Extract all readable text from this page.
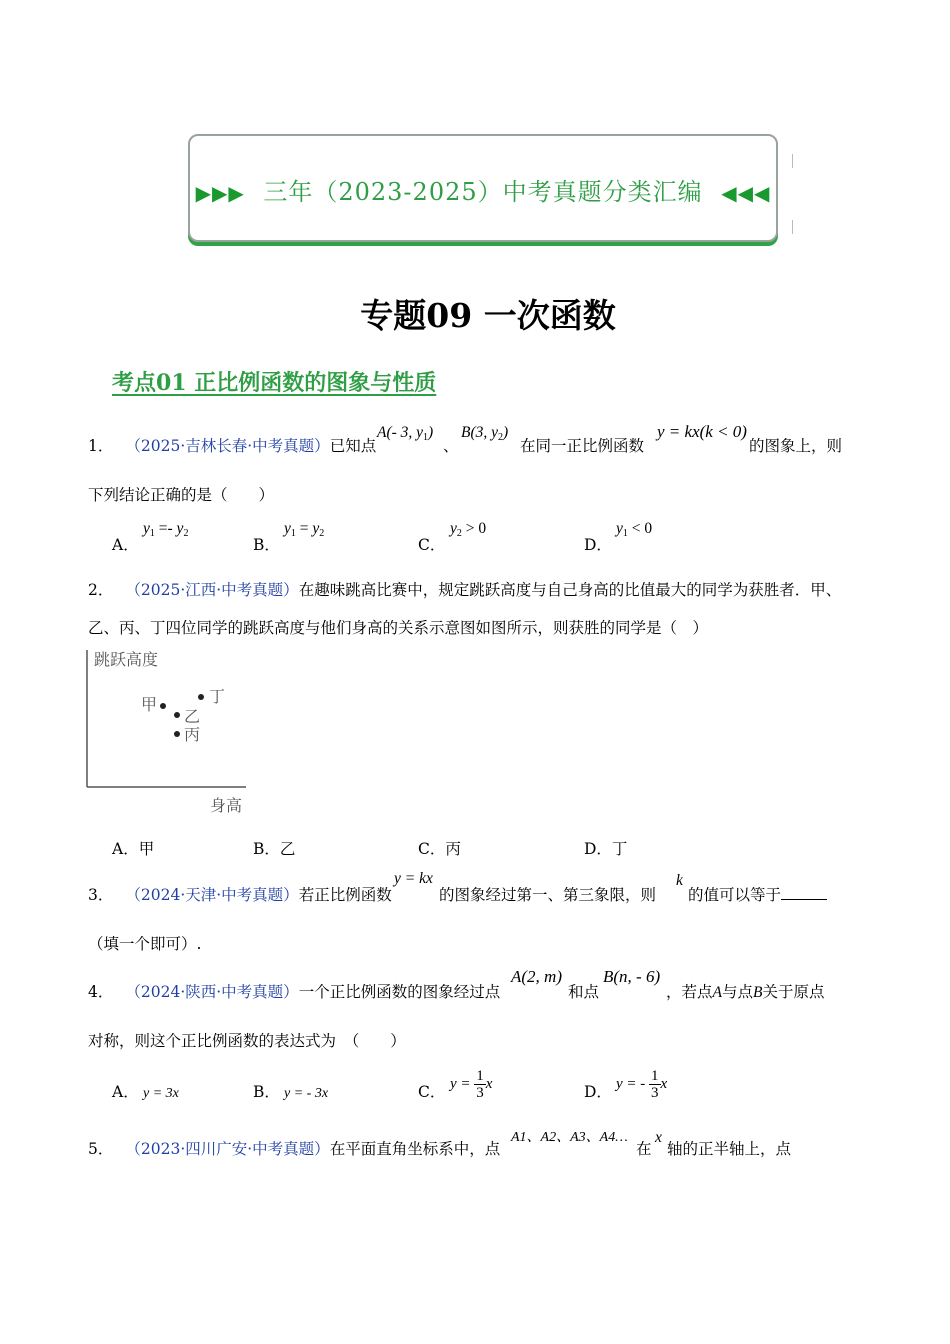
▶▶▶ 三年（2023-2025）中考真题分类汇编 ◀◀◀
专题09 一次函数
考点01 正比例函数的图象与性质
1． （2025·吉林长春·中考真题）已知点
A(- 3, $y_1$)
、
B(3, $y_2$)
在同一正比例函数
y = kx(k < 0)
的图象上，则
下列结论正确的是（　　）
A．
$y_1 =- y_2$
B．
$y_1 = y_2$
C．
$y_2 > 0$
D．
$y_1 < 0$
2． （2025·江西·中考真题）在趣味跳高比赛中，规定跳跃高度与自己身高的比值最大的同学为获胜者．甲、
乙、丙、丁四位同学的跳跃高度与他们身高的关系示意图如图所示，则获胜的同学是（　）
跳跃高度
身高
甲	丁
乙
丙
A．甲	B．乙	C．丙	D．丁
3． （2024·天津·中考真题）若正比例函数
y = kx
的图象经过第一、第三象限，则
k
的值可以等于
（填一个即可）.
4． （2024·陕西·中考真题）一个正比例函数的图象经过点
A(2, m)
和点
B(n, - 6)
，若点A与点B关于原点
对称，则这个正比例函数的表达式为　（　　）
A． y = 3x	B． y = - 3x	C． $y = \frac{1}{3}$ x	D． y = - $\frac{1}{3}$ x
5． （2023·四川广安·中考真题）在平面直角坐标系中，点
A1、A2、A3、A4…
在
x
轴的正半轴上，点
